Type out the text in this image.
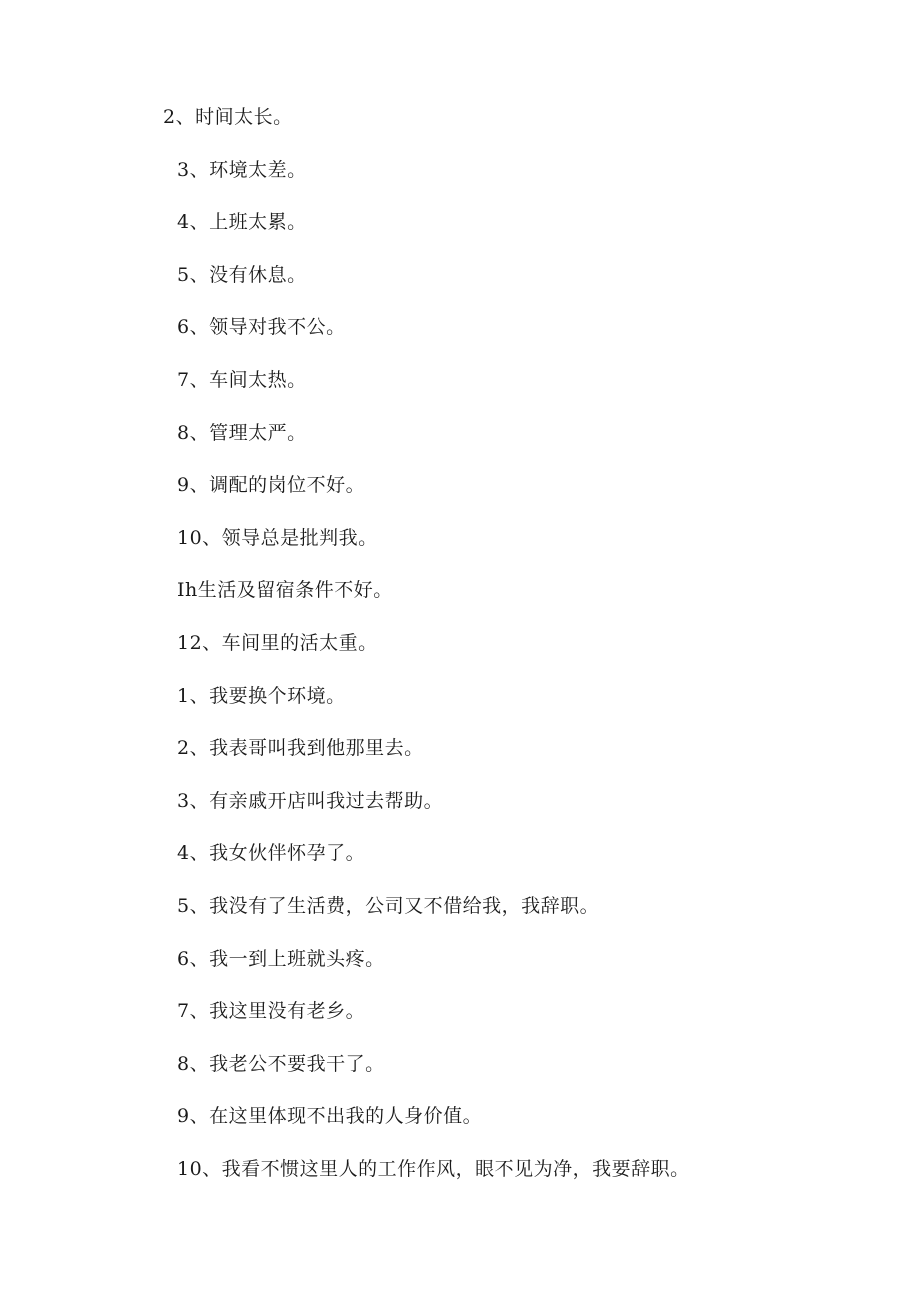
2、时间太长。
3、环境太差。
4、上班太累。
5、没有休息。
6、领导对我不公。
7、车间太热。
8、管理太严。
9、调配的岗位不好。
10、领导总是批判我。
Ih生活及留宿条件不好。
12、车间里的活太重。
1、我要换个环境。
2、我表哥叫我到他那里去。
3、有亲戚开店叫我过去帮助。
4、我女伙伴怀孕了。
5、我没有了生活费，公司又不借给我，我辞职。
6、我一到上班就头疼。
7、我这里没有老乡。
8、我老公不要我干了。
9、在这里体现不出我的人身价值。
10、我看不惯这里人的工作作风，眼不见为净，我要辞职。
